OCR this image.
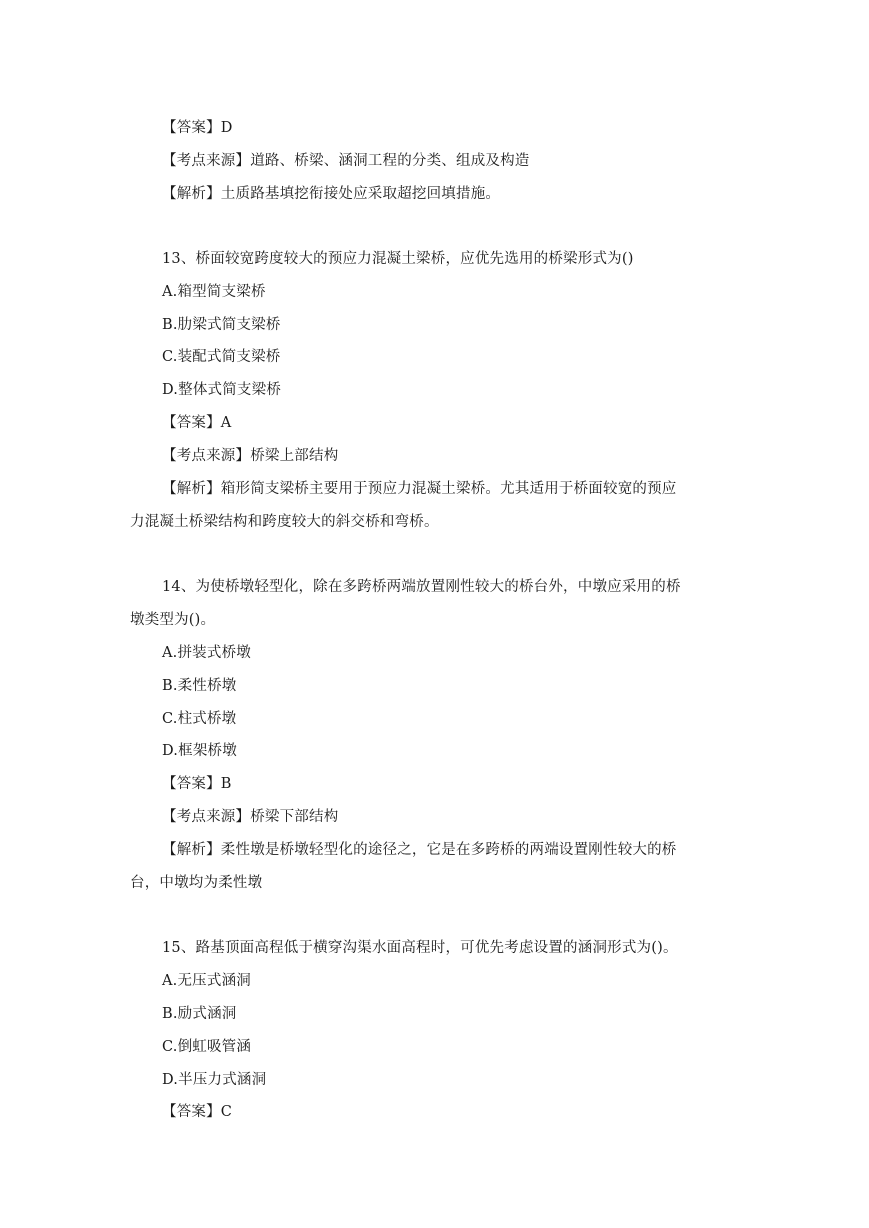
【答案】D
【考点来源】道路、桥梁、涵洞工程的分类、组成及构造
【解析】土质路基填挖衔接处应采取超挖回填措施。
13、桥面较宽跨度较大的预应力混凝土梁桥，应优先选用的桥梁形式为()
A.箱型简支梁桥
B.肋梁式简支梁桥
C.装配式简支梁桥
D.整体式简支梁桥
【答案】A
【考点来源】桥梁上部结构
【解析】箱形简支梁桥主要用于预应力混凝土梁桥。尤其适用于桥面较宽的预应
力混凝土桥梁结构和跨度较大的斜交桥和弯桥。
14、为使桥墩轻型化，除在多跨桥两端放置刚性较大的桥台外，中墩应采用的桥
墩类型为()。
A.拼装式桥墩
B.柔性桥墩
C.柱式桥墩
D.框架桥墩
【答案】B
【考点来源】桥梁下部结构
【解析】柔性墩是桥墩轻型化的途径之，它是在多跨桥的两端设置刚性较大的桥
台，中墩均为柔性墩
15、路基顶面高程低于横穿沟渠水面高程时，可优先考虑设置的涵洞形式为()。
A.无压式涵洞
B.励式涵洞
C.倒虹吸管涵
D.半压力式涵洞
【答案】C
